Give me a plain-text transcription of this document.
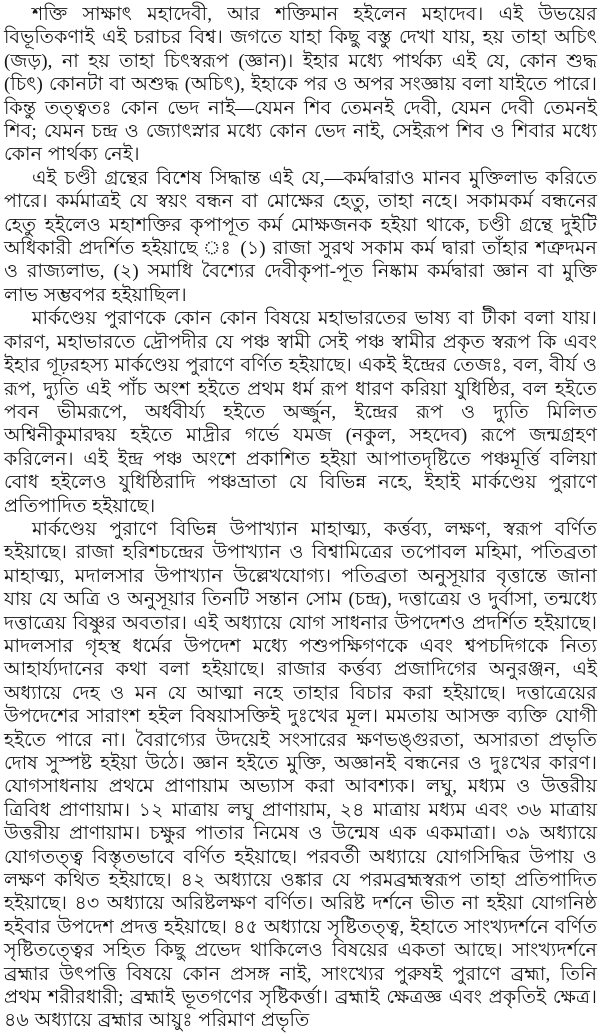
শক্তি সাক্ষাৎ মহাদেবী, আর শক্তিমান হইলেন মহাদেব। এই উভয়ের বিভূতিকণাই এই চরাচর বিশ্ব। জগতে যাহা কিছু বস্তু দেখা যায়, হয় তাহা অচিৎ (জড়), না হয় তাহা চিৎস্বরূপ (জ্ঞান)। ইহার মধ্যে পার্থক্য এই যে, কোন শুদ্ধ (চিৎ) কোনটা বা অশুদ্ধ (অচিৎ), ইহাকে পর ও অপর সংজ্ঞায় বলা যাইতে পারে। কিন্তু তত্ত্বতঃ কোন ভেদ নাই—যেমন শিব তেমনই দেবী, যেমন দেবী তেমনই শিব; যেমন চন্দ্র ও জ্যোৎস্নার মধ্যে কোন ভেদ নাই, সেইরূপ শিব ও শিবার মধ্যে কোন পার্থক্য নেই।

এই চণ্ডী গ্রন্থের বিশেষ সিদ্ধান্ত এই যে,—কর্মদ্বারাও মানব মুক্তিলাভ করিতে পারে। কর্মমাত্রই যে স্বয়ং বন্ধন বা মোক্ষের হেতু, তাহা নহে। সকামকর্ম বন্ধনের হেতু হইলেও মহাশক্তির কৃপাপূত কর্ম মোক্ষজনক হইয়া থাকে, চণ্ডী গ্রন্থে দুইটি অধিকারী প্রদর্শিত হইয়াছে ঃ (১) রাজা সুরথ সকাম কর্ম দ্বারা তাঁহার শত্রুদমন ও রাজ্যলাভ, (২) সমাধি বৈশ্যের দেবীকৃপা-পূত নিষ্কাম কর্মদ্বারা জ্ঞান বা মুক্তি লাভ সম্ভবপর হইয়াছিল।

মার্কণ্ডেয় পুরাণকে কোন কোন বিষয়ে মহাভারতের ভাষ্য বা টীকা বলা যায়। কারণ, মহাভারতে দ্রৌপদীর যে পঞ্চ স্বামী সেই পঞ্চ স্বামীর প্রকৃত স্বরূপ কি এবং ইহার গূঢ়রহস্য মার্কণ্ডেয় পুরাণে বর্ণিত হইয়াছে। একই ইন্দ্রের তেজঃ, বল, বীর্য ও রূপ, দ্যুতি এই পাঁচ অংশ হইতে প্রথম ধর্ম রূপ ধারণ করিয়া যুধিষ্ঠির, বল হইতে পবন ভীমরূপে, অর্ধবীর্য্য হইতে অর্জ্জুন, ইন্দ্রের রূপ ও দ্যুতি মিলিত অশ্বিনীকুমারদ্বয় হইতে মাদ্রীর গর্ভে যমজ (নকুল, সহদেব) রূপে জন্মগ্রহণ করিলেন। এই ইন্দ্র পঞ্চ অংশে প্রকাশিত হইয়া আপাতদৃষ্টিতে পঞ্চমূর্ত্তি বলিয়া বোধ হইলেও যুধিষ্ঠিরাদি পঞ্চভ্রাতা যে বিভিন্ন নহে, ইহাই মার্কণ্ডেয় পুরাণে প্রতিপাদিত হইয়াছে।

মার্কণ্ডেয় পুরাণে বিভিন্ন উপাখ্যান মাহাত্ম্য, কর্ত্তব্য, লক্ষণ, স্বরূপ বর্ণিত হইয়াছে। রাজা হরিশচন্দ্রের উপাখ্যান ও বিশ্বামিত্রের তপোবল মহিমা, পতিব্রতা মাহাত্ম্য, মদালসার উপাখ্যান উল্লেখযোগ্য। পতিব্রতা অনুসূয়ার বৃত্তান্তে জানা যায় যে অত্রি ও অনুসূয়ার তিনটি সন্তান সোম (চন্দ্র), দত্তাত্রেয় ও দুর্বাসা, তন্মধ্যে দত্তাত্রেয় বিষ্ণুর অবতার। এই অধ্যায়ে যোগ সাধনার উপদেশও প্রদর্শিত হইয়াছে। মাদলসার গৃহস্থ ধর্মের উপদেশ মধ্যে পশুপক্ষিগণকে এবং শ্বপচদিগকে নিত্য আহার্য্যদানের কথা বলা হইয়াছে। রাজার কর্ত্তব্য প্রজাদিগের অনুরঞ্জন, এই অধ্যায়ে দেহ ও মন যে আত্মা নহে তাহার বিচার করা হইয়াছে। দত্তাত্রেয়ের উপদেশের সারাংশ হইল বিষয়াসক্তিই দুঃখের মূল। মমতায় আসক্ত ব্যক্তি যোগী হইতে পারে না। বৈরাগ্যের উদয়েই সংসারের ক্ষণভঙ্গুরতা, অসারতা প্রভৃতি দোষ সুস্পষ্ট হইয়া উঠে। জ্ঞান হইতে মুক্তি, অজ্ঞানই বন্ধনের ও দুঃখের কারণ। যোগসাধনায় প্রথমে প্রাণায়াম অভ্যাস করা আবশ্যক। লঘু, মধ্যম ও উত্তরীয় ত্রিবিধ প্রাণায়াম। ১২ মাত্রায় লঘু প্রাণায়াম, ২৪ মাত্রায় মধ্যম এবং ৩৬ মাত্রায় উত্তরীয় প্রাণায়াম। চক্ষুর পাতার নিমেষ ও উন্মেষ এক একমাত্রা। ৩৯ অধ্যায়ে যোগতত্ত্ব বিস্তৃতভাবে বর্ণিত হইয়াছে। পরবর্তী অধ্যায়ে যোগসিদ্ধির উপায় ও লক্ষণ কথিত হইয়াছে। ৪২ অধ্যায়ে ওঙ্কার যে পরমব্রহ্মস্বরূপ তাহা প্রতিপাদিত হইয়াছে। ৪৩ অধ্যায়ে অরিষ্টলক্ষণ বর্ণিত। অরিষ্ট দর্শনে ভীত না হইয়া যোগনিষ্ঠ হইবার উপদেশ প্রদত্ত হইয়াছে। ৪৫ অধ্যায়ে সৃষ্টিতত্ত্ব, ইহাতে সাংখ্যদর্শনে বর্ণিত সৃষ্টিতত্ত্বের সহিত কিছু প্রভেদ থাকিলেও বিষয়ের একতা আছে। সাংখ্যদর্শনে ব্রহ্মার উৎপত্তি বিষয়ে কোন প্রসঙ্গ নাই, সাংখ্যের পুরুষই পুরাণে ব্রহ্মা, তিনি প্রথম শরীরধারী; ব্রহ্মাই ভূতগণের সৃষ্টিকর্ত্তা। ব্রহ্মাই ক্ষেত্রজ্ঞ এবং প্রকৃতিই ক্ষেত্র। ৪৬ অধ্যায়ে ব্রহ্মার আয়ুঃ পরিমাণ প্রভৃতি
